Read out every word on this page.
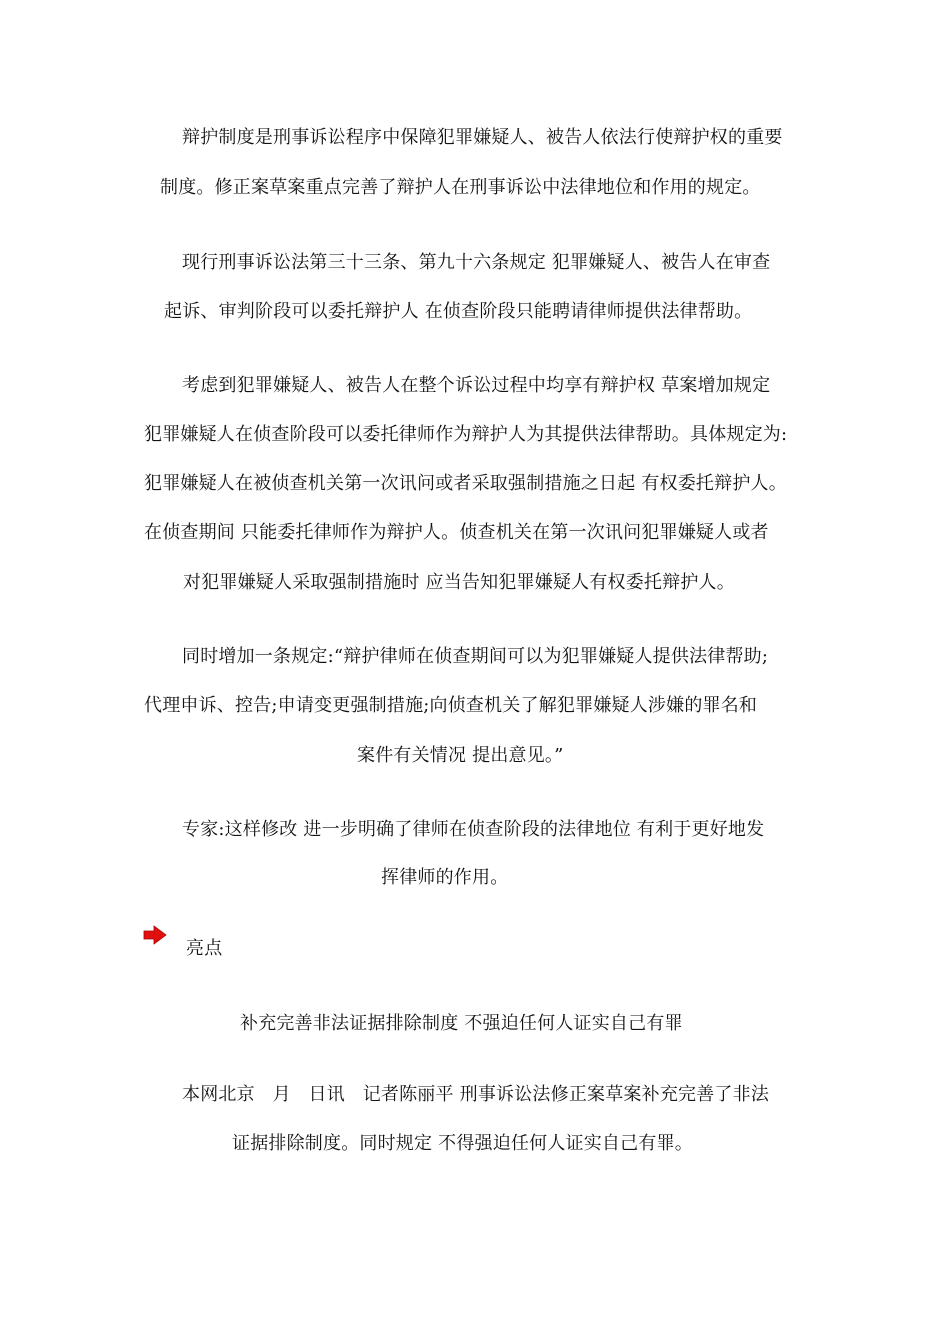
辩护制度是刑事诉讼程序中保障犯罪嫌疑人、被告人依法行使辩护权的重要
制度。修正案草案重点完善了辩护人在刑事诉讼中法律地位和作用的规定。
现行刑事诉讼法第三十三条、第九十六条规定 犯罪嫌疑人、被告人在审查
起诉、审判阶段可以委托辩护人 在侦查阶段只能聘请律师提供法律帮助。
考虑到犯罪嫌疑人、被告人在整个诉讼过程中均享有辩护权 草案增加规定
犯罪嫌疑人在侦查阶段可以委托律师作为辩护人为其提供法律帮助。具体规定为:
犯罪嫌疑人在被侦查机关第一次讯问或者采取强制措施之日起 有权委托辩护人。
在侦查期间 只能委托律师作为辩护人。侦查机关在第一次讯问犯罪嫌疑人或者
对犯罪嫌疑人采取强制措施时 应当告知犯罪嫌疑人有权委托辩护人。
同时增加一条规定:“辩护律师在侦查期间可以为犯罪嫌疑人提供法律帮助;
代理申诉、控告;申请变更强制措施;向侦查机关了解犯罪嫌疑人涉嫌的罪名和
案件有关情况 提出意见。”
专家:这样修改 进一步明确了律师在侦查阶段的法律地位 有利于更好地发
挥律师的作用。
亮点
补充完善非法证据排除制度 不强迫任何人证实自己有罪
本网北京   月   日讯   记者陈丽平 刑事诉讼法修正案草案补充完善了非法
证据排除制度。同时规定 不得强迫任何人证实自己有罪。
